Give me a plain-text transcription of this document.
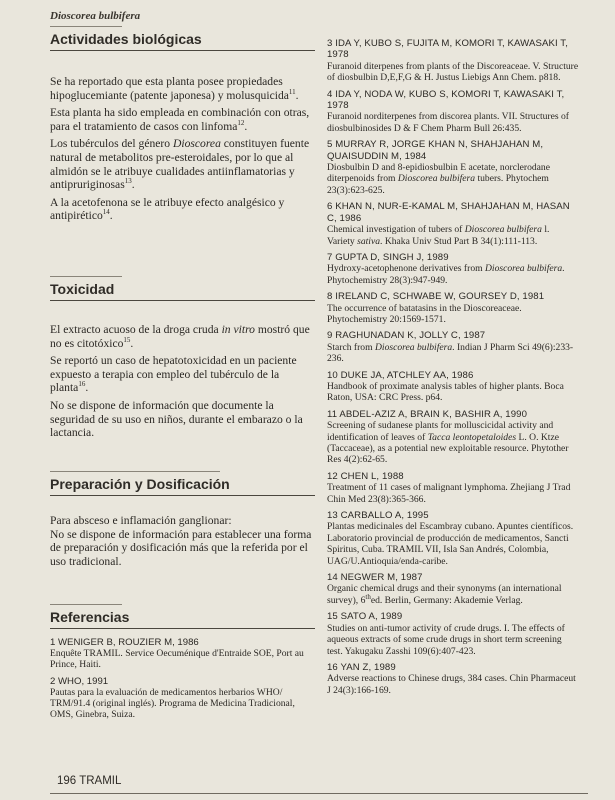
Dioscorea bulbifera
Actividades biológicas

Se ha reportado que esta planta posee propiedades hipoglucemiante (patente japonesa) y molusquicida$^{11}$.

Esta planta ha sido empleada en combinación con otras, para el tratamiento de casos con linfoma$^{12}$.

Los tubérculos del género Dioscorea constituyen fuente natural de metabolitos pre-esteroidales, por lo que al almidón se le atribuye cualidades antiinflamatorias y antipruriginosas$^{13}$.

A la acetofenona se le atribuye efecto analgésico y antipirético$^{14}$.

Toxicidad

El extracto acuoso de la droga cruda in vitro mostró que no es citotóxico$^{15}$.

Se reportó un caso de hepatotoxicidad en un paciente expuesto a terapia con empleo del tubérculo de la planta$^{16}$.

No se dispone de información que documente la seguridad de su uso en niños, durante el embarazo o la lactancia.

Preparación y Dosificación

Para absceso e inflamación ganglionar:

No se dispone de información para establecer una forma de preparación y dosificación más que la referida por el uso tradicional.

Referencias

1 WENIGER B, ROUZIER M, 1986
Enquête TRAMIL. Service Oecuménique d'Entraide SOE, Port au Prince, Haiti.

2 WHO, 1991
Pautas para la evaluación de medicamentos herbarios WHO/ TRM/91.4 (original inglés). Programa de Medicina Tradicional, OMS, Ginebra, Suiza.

3 IDA Y, KUBO S, FUJITA M, KOMORI T, KAWASAKI T, 1978
Furanoid diterpenes from plants of the Discoreaceae. V. Structure of diosbulbin D,E,F,G & H. Justus Liebigs Ann Chem. p818.

4 IDA Y, NODA W, KUBO S, KOMORI T, KAWASAKI T, 1978
Furanoid norditerpenes from discorea plants. VII. Structures of diosbulbinosides D & F Chem Pharm Bull 26:435.

5 MURRAY R, JORGE KHAN N, SHAHJAHAN M, QUAISUDDIN M, 1984
Diosbulbin D and 8-epidiosbulbin E acetate, norclerodane diterpenoids from Dioscorea bulbifera tubers. Phytochem 23(3):623-625.

6 KHAN N, NUR-E-KAMAL M, SHAHJAHAN M, HASAN C, 1986
Chemical investigation of tubers of Dioscorea bulbifera l. Variety sativa. Khaka Univ Stud Part B 34(1):111-113.

7 GUPTA D, SINGH J, 1989
Hydroxy-acetophenone derivatives from Dioscorea bulbifera. Phytochemistry 28(3):947-949.

8 IRELAND C, SCHWABE W, GOURSEY D, 1981
The occurrence of batatasins in the Dioscoreaceae. Phytochemistry 20:1569-1571.

9 RAGHUNADAN K, JOLLY C, 1987
Starch from Dioscorea bulbifera. Indian J Pharm Sci 49(6):233-236.

10 DUKE JA, ATCHLEY AA, 1986
Handbook of proximate analysis tables of higher plants. Boca Raton, USA: CRC Press. p64.

11 ABDEL-AZIZ A, BRAIN K, BASHIR A, 1990
Screening of sudanese plants for molluscicidal activity and identification of leaves of Tacca leontopetaloides L. O. Ktze (Taccaceae), as a potential new exploitable resource. Phytother Res 4(2):62-65.

12 CHEN L, 1988
Treatment of 11 cases of malignant lymphoma. Zhejiang J Trad Chin Med 23(8):365-366.

13 CARBALLO A, 1995
Plantas medicinales del Escambray cubano. Apuntes científicos. Laboratorio provincial de producción de medicamentos, Sancti Spiritus, Cuba. TRAMIL VII, Isla San Andrés, Colombia, UAG/U.Antioquia/enda-caribe.

14 NEGWER M, 1987
Organic chemical drugs and their synonyms (an international survey), 6thed. Berlin, Germany: Akademie Verlag.

15 SATO A, 1989
Studies on anti-tumor activity of crude drugs. I. The effects of aqueous extracts of some crude drugs in short term screening test. Yakugaku Zasshi 109(6):407-423.

16 YAN Z, 1989
Adverse reactions to Chinese drugs, 384 cases. Chin Pharmaceut J 24(3):166-169.

196 TRAMIL
